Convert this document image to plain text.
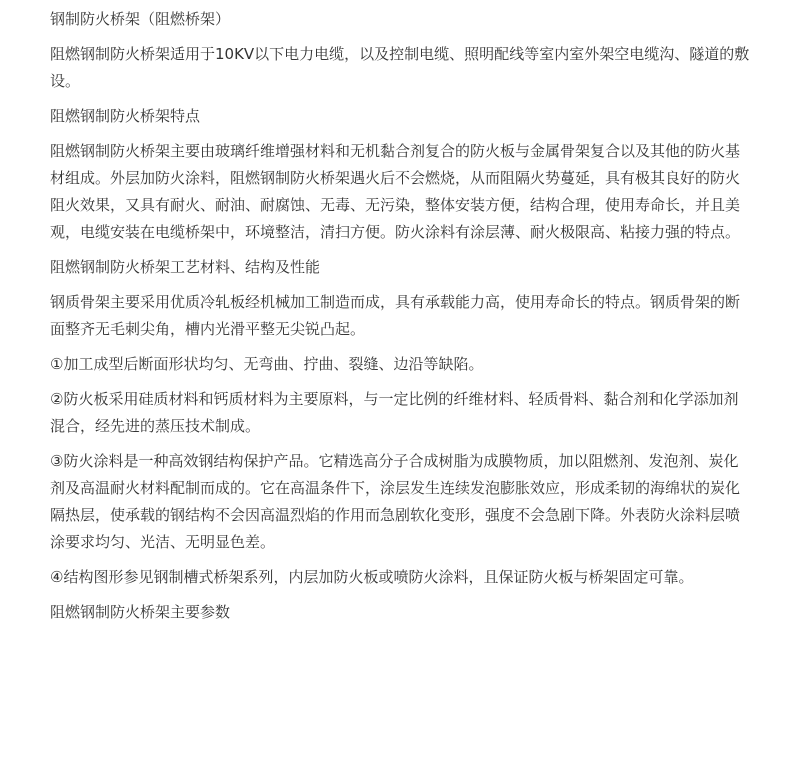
钢制防火桥架（阻燃桥架）

阻燃钢制防火桥架适用于10KV以下电力电缆，以及控制电缆、照明配线等室内室外架空电缆沟、隧道的敷设。

阻燃钢制防火桥架特点

阻燃钢制防火桥架主要由玻璃纤维增强材料和无机黏合剂复合的防火板与金属骨架复合以及其他的防火基材组成。外层加防火涂料，阻燃钢制防火桥架遇火后不会燃烧，从而阻隔火势蔓延，具有极其良好的防火阻火效果，又具有耐火、耐油、耐腐蚀、无毒、无污染，整体安装方便，结构合理，使用寿命长，并且美观，电缆安装在电缆桥架中，环境整洁，清扫方便。防火涂料有涂层薄、耐火极限高、粘接力强的特点。

阻燃钢制防火桥架工艺材料、结构及性能

钢质骨架主要采用优质冷轧板经机械加工制造而成，具有承载能力高，使用寿命长的特点。钢质骨架的断面整齐无毛刺尖角，槽内光滑平整无尖锐凸起。

①加工成型后断面形状均匀、无弯曲、拧曲、裂缝、边沿等缺陷。

②防火板采用硅质材料和钙质材料为主要原料，与一定比例的纤维材料、轻质骨料、黏合剂和化学添加剂混合，经先进的蒸压技术制成。

③防火涂料是一种高效钢结构保护产品。它精选高分子合成树脂为成膜物质，加以阻燃剂、发泡剂、炭化剂及高温耐火材料配制而成的。它在高温条件下，涂层发生连续发泡膨胀效应，形成柔韧的海绵状的炭化隔热层，使承载的钢结构不会因高温烈焰的作用而急剧软化变形，强度不会急剧下降。外表防火涂料层喷涂要求均匀、光洁、无明显色差。

④结构图形参见钢制槽式桥架系列，内层加防火板或喷防火涂料，且保证防火板与桥架固定可靠。

阻燃钢制防火桥架主要参数
